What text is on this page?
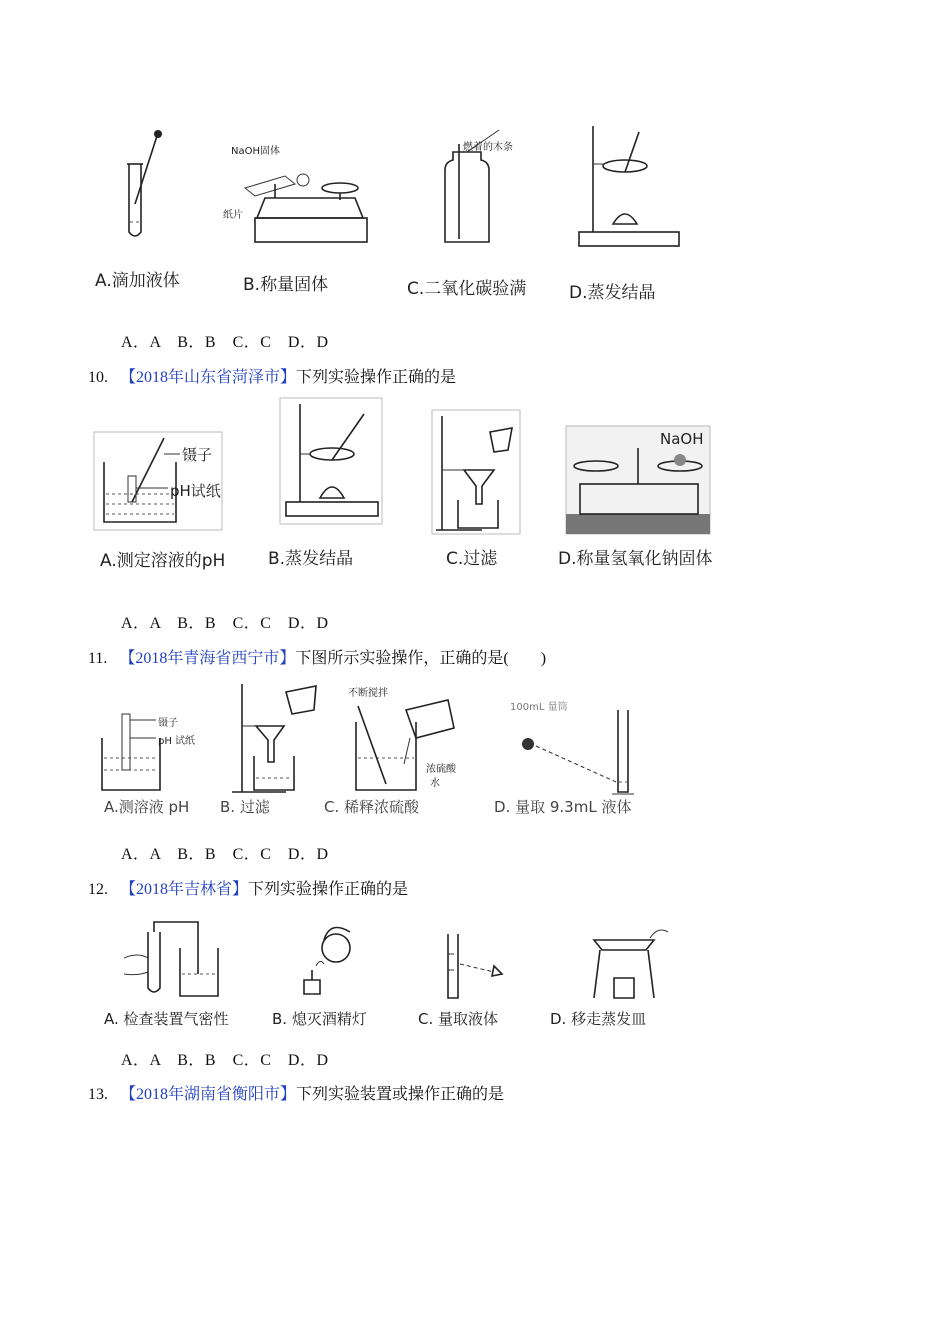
NaOH固体
纸片
燃着的木条
A.滴加液体	B.称量固体	C.二氧化碳验满	D.蒸发结晶
A．A　B．B　C．C　D．D
10. 【2018年山东省菏泽市】下列实验操作正确的是
镊子
pH试纸
NaOH
A.测定溶液的pH	B.蒸发结晶	C.过滤	D.称量氢氧化钠固体
A．A　B．B　C．C　D．D
11. 【2018年青海省西宁市】下图所示实验操作，正确的是(　　)
镊子
pH 试纸
不断搅拌
浓硫酸
水
100mL 量筒
A.测溶液 pH B. 过滤	C. 稀释浓硫酸	D. 量取 9.3mL 液体
A．A　B．B　C．C　D．D
12. 【2018年吉林省】下列实验操作正确的是
A. 检查装置气密性	B. 熄灭酒精灯	C. 量取液体	D. 移走蒸发皿
A．A　B．B　C．C　D．D
13. 【2018年湖南省衡阳市】下列实验装置或操作正确的是
